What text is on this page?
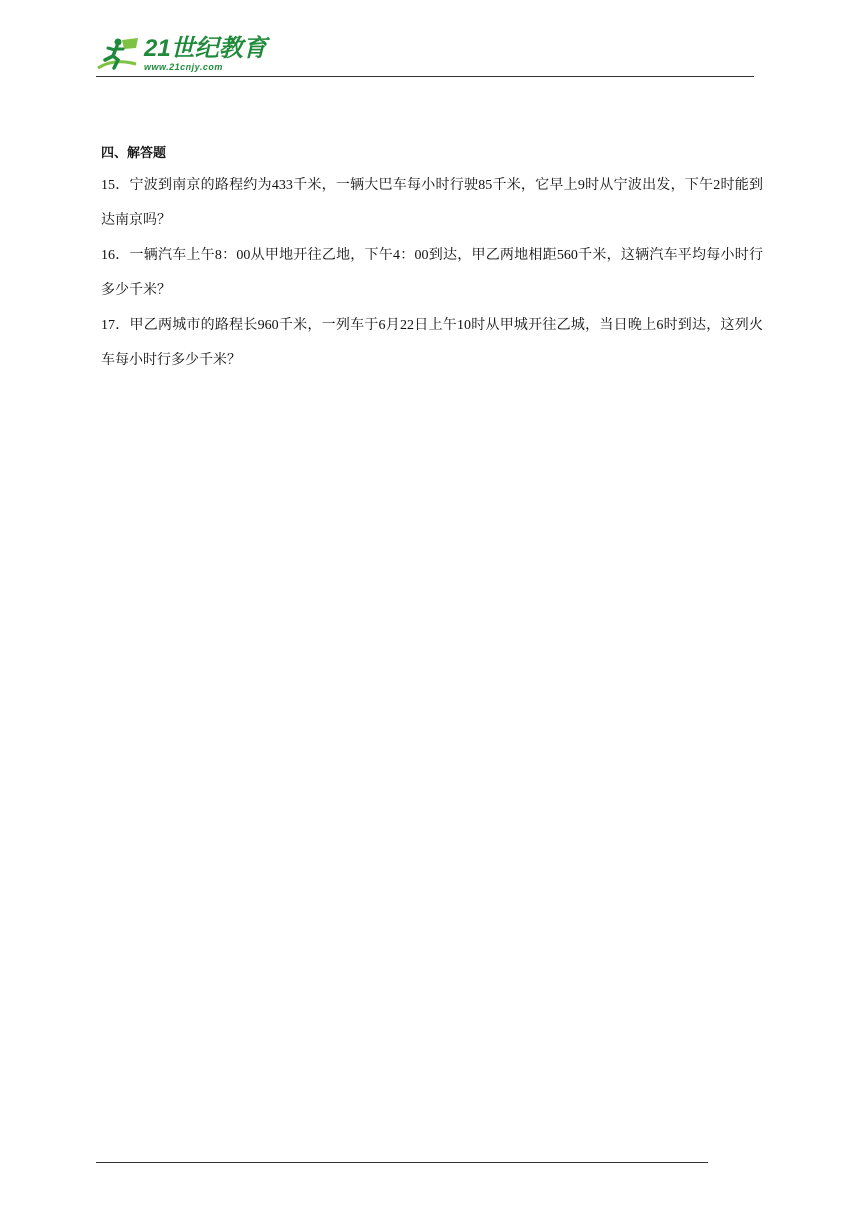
21世纪教育
www.21cnjy.com

四、解答题

15．宁波到南京的路程约为433千米，一辆大巴车每小时行驶85千米，它早上9时从宁波出发，下午2时能到达南京吗？

16．一辆汽车上午8：00从甲地开往乙地，下午4：00到达，甲乙两地相距560千米，这辆汽车平均每小时行多少千米？

17．甲乙两城市的路程长960千米，一列车于6月22日上午10时从甲城开往乙城，当日晚上6时到达，这列火车每小时行多少千米？
